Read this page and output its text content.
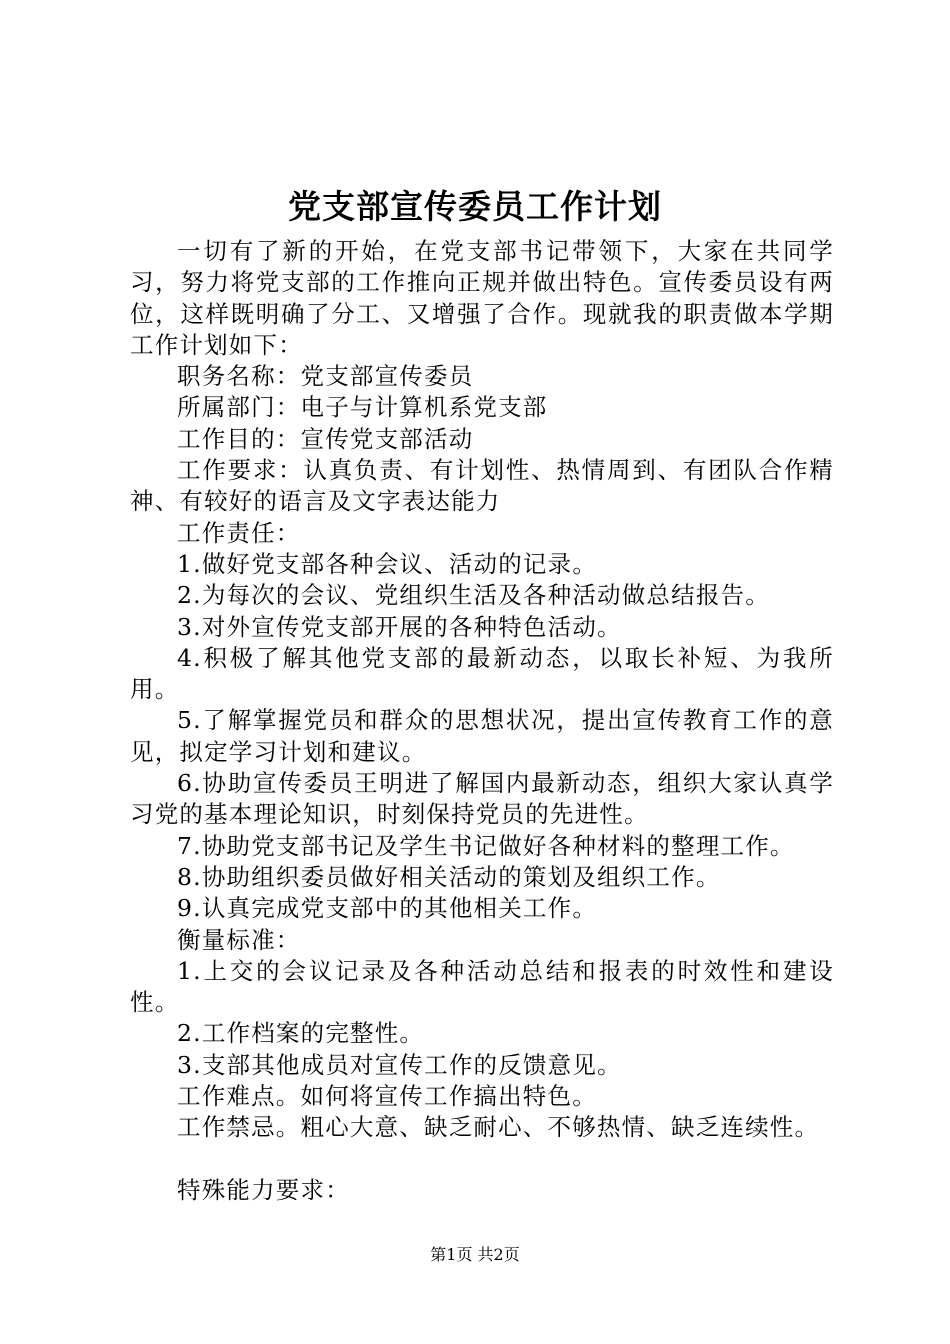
党支部宣传委员工作计划

一切有了新的开始，在党支部书记带领下，大家在共同学习，努力将党支部的工作推向正规并做出特色。宣传委员设有两位，这样既明确了分工、又增强了合作。现就我的职责做本学期工作计划如下：

职务名称：党支部宣传委员

所属部门：电子与计算机系党支部

工作目的：宣传党支部活动

工作要求：认真负责、有计划性、热情周到、有团队合作精神、有较好的语言及文字表达能力

工作责任：

1.做好党支部各种会议、活动的记录。

2.为每次的会议、党组织生活及各种活动做总结报告。

3.对外宣传党支部开展的各种特色活动。

4.积极了解其他党支部的最新动态，以取长补短、为我所用。

5.了解掌握党员和群众的思想状况，提出宣传教育工作的意见，拟定学习计划和建议。

6.协助宣传委员王明进了解国内最新动态，组织大家认真学习党的基本理论知识，时刻保持党员的先进性。

7.协助党支部书记及学生书记做好各种材料的整理工作。

8.协助组织委员做好相关活动的策划及组织工作。

9.认真完成党支部中的其他相关工作。

衡量标准：

1.上交的会议记录及各种活动总结和报表的时效性和建设性。

2.工作档案的完整性。

3.支部其他成员对宣传工作的反馈意见。

工作难点。如何将宣传工作搞出特色。

工作禁忌。粗心大意、缺乏耐心、不够热情、缺乏连续性。

特殊能力要求：

第1页 共2页
